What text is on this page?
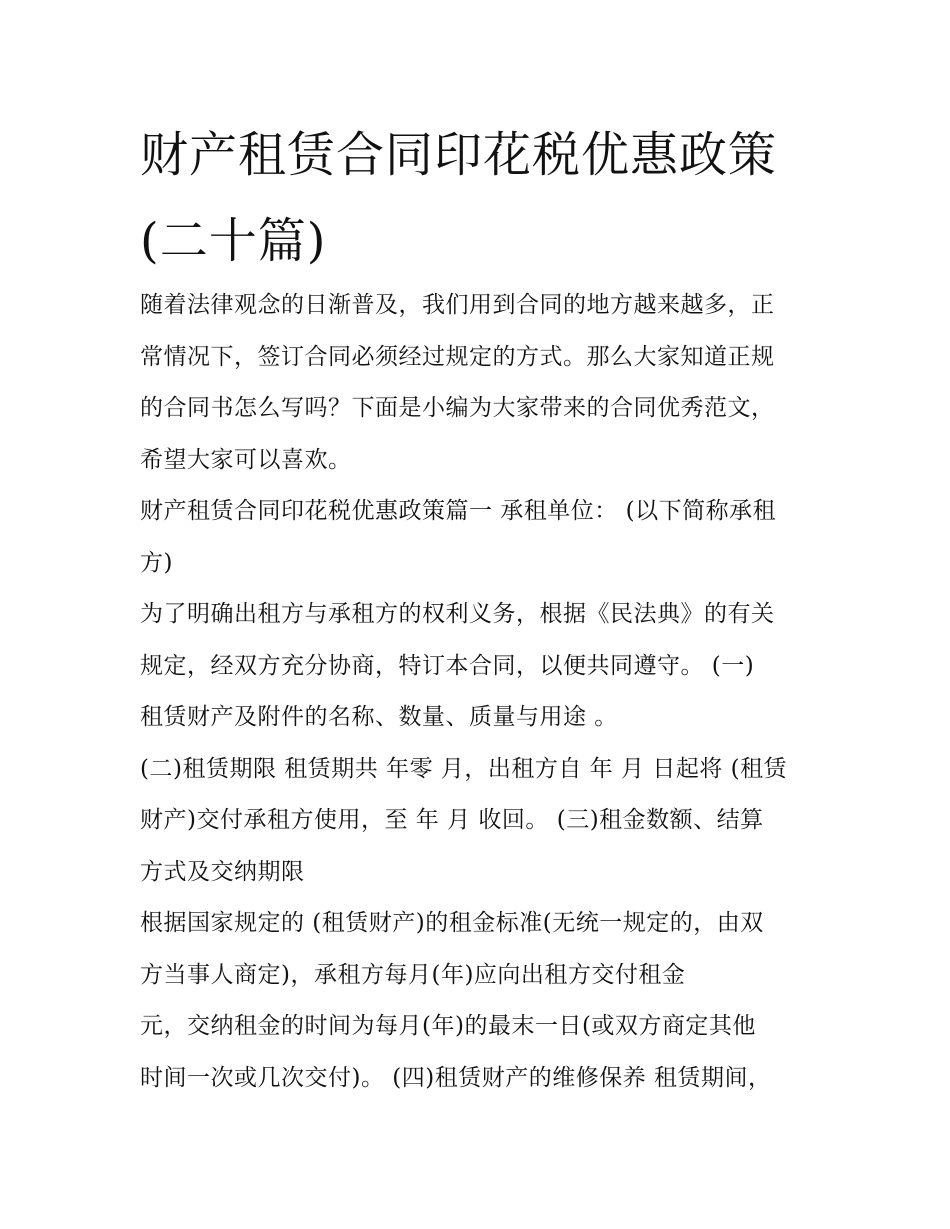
财产租赁合同印花税优惠政策
(二十篇)
随着法律观念的日渐普及，我们用到合同的地方越来越多，正
常情况下，签订合同必须经过规定的方式。那么大家知道正规
的合同书怎么写吗？下面是小编为大家带来的合同优秀范文，
希望大家可以喜欢。
财产租赁合同印花税优惠政策篇一 承租单位： (以下简称承租
方)
为了明确出租方与承租方的权利义务，根据《民法典》的有关
规定，经双方充分协商，特订本合同，以便共同遵守。 (一)
租赁财产及附件的名称、数量、质量与用途 。
(二)租赁期限 租赁期共 年零 月，出租方自 年 月 日起将 (租赁
财产)交付承租方使用，至 年 月 收回。 (三)租金数额、结算
方式及交纳期限
根据国家规定的 (租赁财产)的租金标准(无统一规定的，由双
方当事人商定)，承租方每月(年)应向出租方交付租金
元，交纳租金的时间为每月(年)的最末一日(或双方商定其他
时间一次或几次交付)。 (四)租赁财产的维修保养 租赁期间，
